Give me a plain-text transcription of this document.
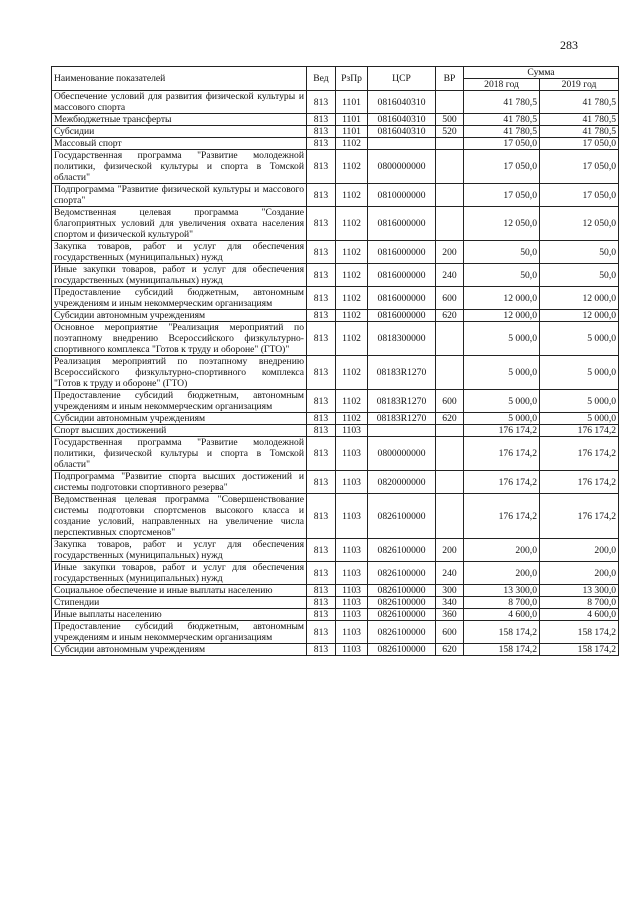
283
Наименование показателей	Вед	РзПр	ЦСР	ВР	Сумма	
					2018 год	2019 год
Обеспечение условий для развития физической культуры и массового спорта	813	1101	0816040310		41 780,5	41 780,5
Межбюджетные трансферты	813	1101	0816040310	500	41 780,5	41 780,5
Субсидии	813	1101	0816040310	520	41 780,5	41 780,5
Массовый спорт	813	1102			17 050,0	17 050,0
Государственная программа "Развитие молодежной политики, физической культуры и спорта в Томской области"	813	1102	0800000000		17 050,0	17 050,0
Подпрограмма "Развитие физической культуры и массового спорта"	813	1102	0810000000		17 050,0	17 050,0
Ведомственная целевая программа "Создание благоприятных условий для увеличения охвата населения спортом и физической культурой"	813	1102	0816000000		12 050,0	12 050,0
Закупка товаров, работ и услуг для обеспечения государственных (муниципальных) нужд	813	1102	0816000000	200	50,0	50,0
Иные закупки товаров, работ и услуг для обеспечения государственных (муниципальных) нужд	813	1102	0816000000	240	50,0	50,0
Предоставление субсидий бюджетным, автономным учреждениям и иным некоммерческим организациям	813	1102	0816000000	600	12 000,0	12 000,0
Субсидии автономным учреждениям	813	1102	0816000000	620	12 000,0	12 000,0
Основное мероприятие "Реализация мероприятий по поэтапному внедрению Всероссийского физкультурно-спортивного комплекса "Готов к труду и обороне" (ГТО)"	813	1102	0818300000		5 000,0	5 000,0
Реализация мероприятий по поэтапному внедрению Всероссийского физкультурно-спортивного комплекса "Готов к труду и обороне" (ГТО)	813	1102	08183R1270		5 000,0	5 000,0
Предоставление субсидий бюджетным, автономным учреждениям и иным некоммерческим организациям	813	1102	08183R1270	600	5 000,0	5 000,0
Субсидии автономным учреждениям	813	1102	08183R1270	620	5 000,0	5 000,0
Спорт высших достижений	813	1103			176 174,2	176 174,2
Государственная программа "Развитие молодежной политики, физической культуры и спорта в Томской области"	813	1103	0800000000		176 174,2	176 174,2
Подпрограмма "Развитие спорта высших достижений и системы подготовки спортивного резерва"	813	1103	0820000000		176 174,2	176 174,2
Ведомственная целевая программа "Совершенствование системы подготовки спортсменов высокого класса и создание условий, направленных на увеличение числа перспективных спортсменов"	813	1103	0826100000		176 174,2	176 174,2
Закупка товаров, работ и услуг для обеспечения государственных (муниципальных) нужд	813	1103	0826100000	200	200,0	200,0
Иные закупки товаров, работ и услуг для обеспечения государственных (муниципальных) нужд	813	1103	0826100000	240	200,0	200,0
Социальное обеспечение и иные выплаты населению	813	1103	0826100000	300	13 300,0	13 300,0
Стипендии	813	1103	0826100000	340	8 700,0	8 700,0
Иные выплаты населению	813	1103	0826100000	360	4 600,0	4 600,0
Предоставление субсидий бюджетным, автономным учреждениям и иным некоммерческим организациям	813	1103	0826100000	600	158 174,2	158 174,2
Субсидии автономным учреждениям	813	1103	0826100000	620	158 174,2	158 174,2
